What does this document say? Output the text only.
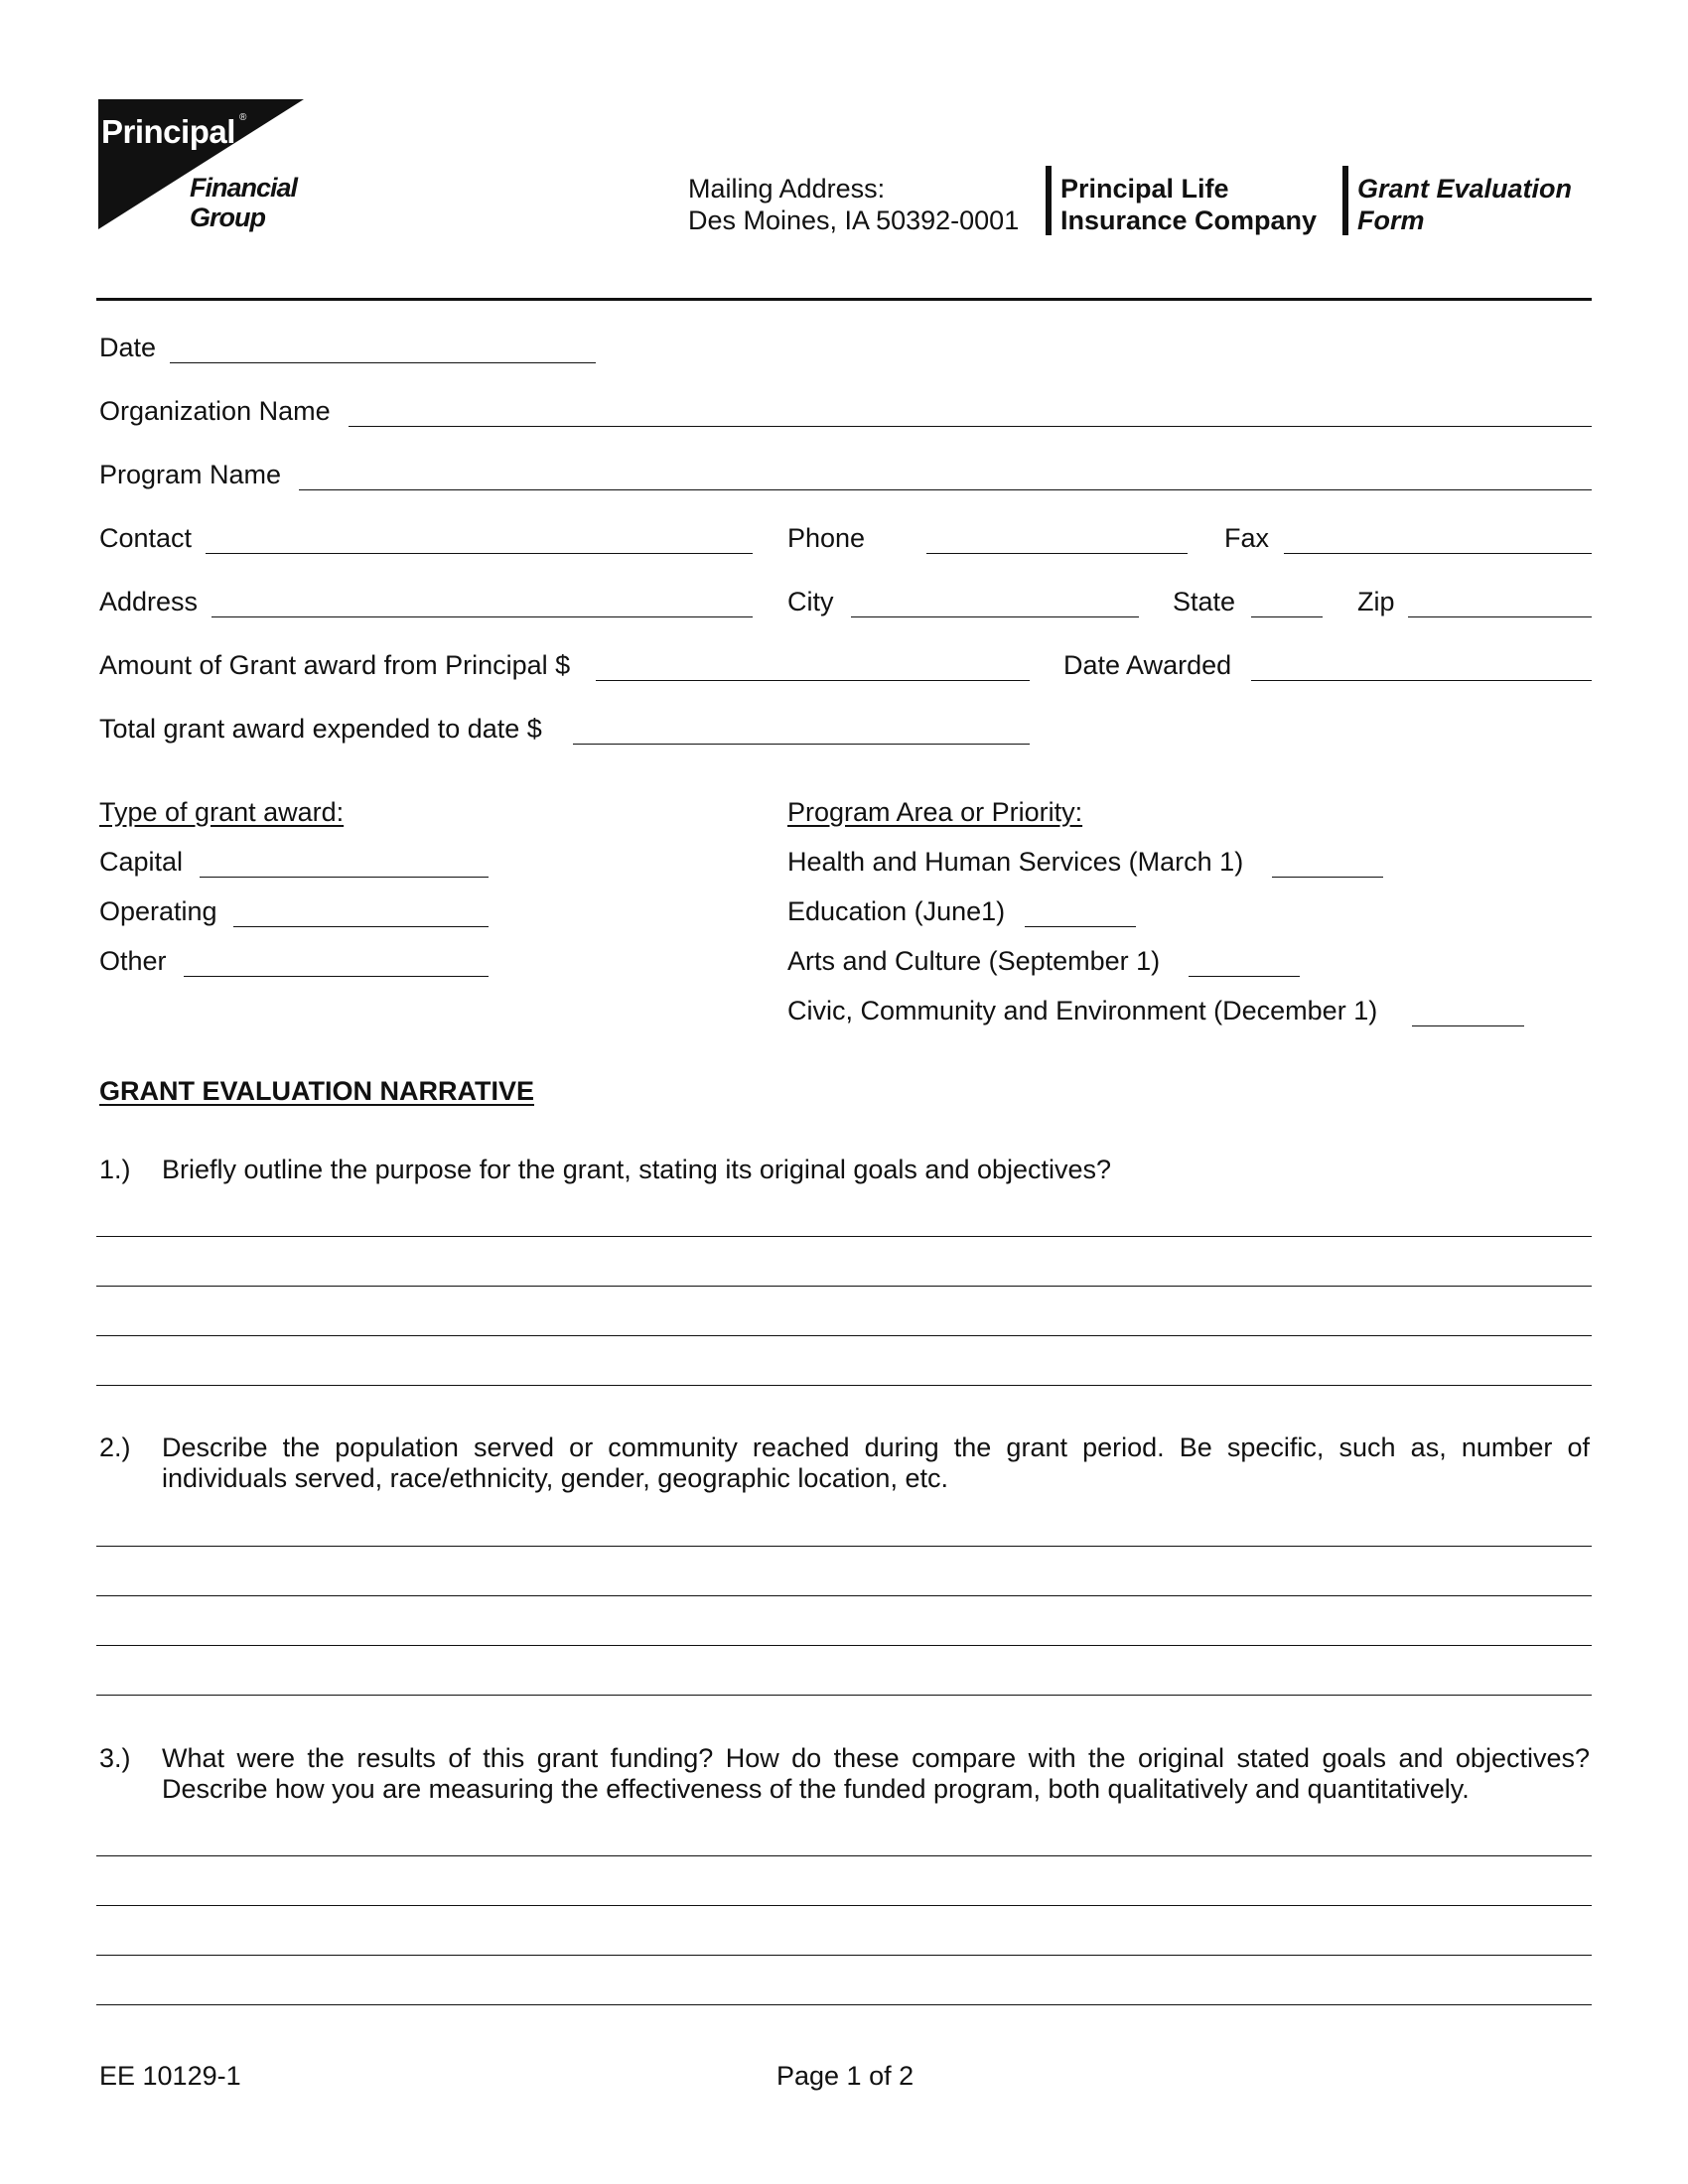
Principal ®
Financial
Group
Mailing Address:
Des Moines, IA 50392-0001
Principal Life
Insurance Company
Grant Evaluation
Form
Date
Organization Name
Program Name
Contact	Phone	Fax
Address	City	State	Zip
Amount of Grant award from Principal $	Date Awarded
Total grant award expended to date $
Type of grant award:
Capital
Operating
Other
Program Area or Priority:
Health and Human Services (March 1)
Education (June1)
Arts and Culture (September 1)
Civic, Community and Environment (December 1)
GRANT EVALUATION NARRATIVE
1.) Briefly outline the purpose for the grant, stating its original goals and objectives?
2.) Describe the population served or community reached during the grant period. Be specific, such as, number of individuals served, race/ethnicity, gender, geographic location, etc.
3.) What were the results of this grant funding? How do these compare with the original stated goals and objectives? Describe how you are measuring the effectiveness of the funded program, both qualitatively and quantitatively.
EE 10129-1	Page 1 of 2
